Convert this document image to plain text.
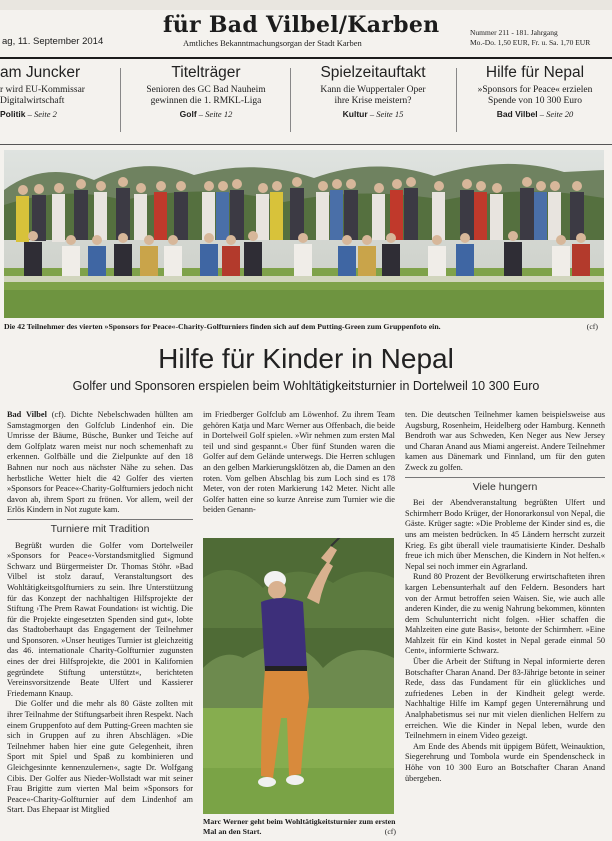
für Bad Vilbel/Karben
ag, 11. September 2014	Amtliches Bekanntmachungsorgan der Stadt Karben
Nummer 211 - 181. Jahrgang
Mo.-Do. 1,50 EUR, Fr. u. Sa. 1,70 EUR
am Juncker
r wird EU-Kommissar
Digitalwirtschaft
Politik – Seite 2
Titelträger
Senioren des GC Bad Nauheim
gewinnen die 1. RMKL-Liga
Golf – Seite 12
Spielzeitauftakt
Kann die Wuppertaler Oper
ihre Krise meistern?
Kultur – Seite 15
Hilfe für Nepal
»Sponsors for Peace« erzielen
Spende von 10 300 Euro
Bad Vilbel – Seite 20
Die 42 Teilnehmer des vierten »Sponsors for Peace«-Charity-Golfturniers finden sich auf dem Putting-Green zum Gruppenfoto ein.	(cf)
Hilfe für Kinder in Nepal
Golfer und Sponsoren erspielen beim Wohltätigkeitsturnier in Dortelweil 10 300 Euro

Bad Vilbel (cf). Dichte Nebelschwaden hüllten am Samstagmorgen den Golfclub Lindenhof ein. Die Umrisse der Bäume, Büsche, Bunker und Teiche auf dem Golfplatz waren meist nur noch schemenhaft zu erkennen. Golfbälle und die Zielpunkte auf den 18 Bahnen nur noch aus nächster Nähe zu sehen. Das herbstliche Wetter hielt die 42 Golfer des vierten »Sponsors for Peace«-Charity-Golfturniers jedoch nicht davon ab, ihrem Sport zu frönen. Vor allem, weil der Erlös Kindern in Not zugute kam.

Turniere mit Tradition

Begrüßt wurden die Golfer vom Dortelweiler »Sponsors for Peace«-Vorstandsmitglied Sigmund Schwarz und Bürgermeister Dr. Thomas Stöhr. »Bad Vilbel ist stolz darauf, Veranstaltungsort des Wohltätigkeitsgolfturniers zu sein. Ihre Unterstützung für das Konzept der nachhaltigen Hilfsprojekte der Stiftung ›The Prem Rawat Foundation‹ ist wichtig. Die für die Projekte eingesetzten Spenden sind gut«, lobte das Stadtoberhaupt das Engagement der Teilnehmer und Sponsoren. »Unser heutiges Turnier ist gleichzeitig das 46. internationale Charity-Golfturnier zugunsten eines der drei Hilfsprojekte, die 2001 in Kalifornien gegründete Stiftung unterstützt«, berichteten Vereinsvorsitzende Beate Ulfert und Kassierer Friedemann Knaup.

Die Golfer und die mehr als 80 Gäste zollten mit ihrer Teilnahme der Stiftungsarbeit ihren Respekt. Nach einem Gruppenfoto auf dem Putting-Green machten sie sich in Gruppen auf zu ihren Abschlägen. »Die Teilnehmer haben hier eine gute Gelegenheit, ihren Sport mit Spiel und Spaß zu kombinieren und Gleichgesinnte kennenzulernen«, sagte Dr. Wolfgang Cibis. Der Golfer aus Nieder-Wollstadt war mit seiner Frau Brigitte zum vierten Mal beim »Sponsors for Peace«-Charity-Golfturnier auf dem Lindenhof am Start. Das Ehepaar ist Mitglied

im Friedberger Golfclub am Löwenhof. Zu ihrem Team gehören Katja und Marc Werner aus Offenbach, die beide in Dortelweil Golf spielen. »Wir nehmen zum ersten Mal teil und sind gespannt.« Über fünf Stunden waren die Golfer auf dem Gelände unterwegs. Die Herren schlugen an den gelben Markierungsklötzen ab, die Damen an den roten. Vom gelben Abschlag bis zum Loch sind es 178 Meter, von der roten Markierung 142 Meter. Nicht alle Golfer hatten eine so kurze Anreise zum Turnier wie die beiden Genann-

Marc Werner geht beim Wohltätigkeitsturnier zum ersten Mal an den Start.	(cf)

ten. Die deutschen Teilnehmer kamen beispielsweise aus Augsburg, Rosenheim, Heidelberg oder Hamburg. Kenneth Bendroth war aus Schweden, Ken Neger aus New Jersey und Charan Anand aus Miami angereist. Andere Teilnehmer kamen aus Dänemark und Finnland, um für den guten Zweck zu golfen.

Viele hungern

Bei der Abendveranstaltung begrüßten Ulfert und Schirmherr Bodo Krüger, der Honorarkonsul von Nepal, die Gäste. Krüger sagte: »Die Probleme der Kinder sind es, die uns am meisten bedrücken. In 45 Ländern herrscht zurzeit Krieg. Es gibt überall viele traumatisierte Kinder. Deshalb freue ich mich über Menschen, die Kindern in Not helfen.« Nepal sei noch immer ein Agrarland.

Rund 80 Prozent der Bevölkerung erwirtschafteten ihren kargen Lebensunterhalt auf den Feldern. Besonders hart von der Armut betroffen seien Waisen. Sie, wie auch alle anderen Kinder, die zu wenig Nahrung bekommen, könnten dem Schulunterricht nicht folgen. »Hier schaffen die Mahlzeiten eine gute Basis«, betonte der Schirmherr. »Eine Mahlzeit für ein Kind kostet in Nepal gerade einmal 50 Cent«, informierte Schwarz.

Über die Arbeit der Stiftung in Nepal informierte deren Botschafter Charan Anand. Der 83-Jährige betonte in seiner Rede, dass das Fundament für ein glückliches und zufriedenes Leben in der Kindheit gelegt werde. Nachhaltige Hilfe im Kampf gegen Unterernährung und Analphabetismus sei nur mit vielen dienlichen Helfern zu erreichen. Wie die Kinder in Nepal leben, wurde den Teilnehmern in einem Video gezeigt.

Am Ende des Abends mit üppigem Büfett, Weinauktion, Siegerehrung und Tombola wurde ein Spendenscheck in Höhe von 10 300 Euro an Botschafter Charan Anand übergeben.
